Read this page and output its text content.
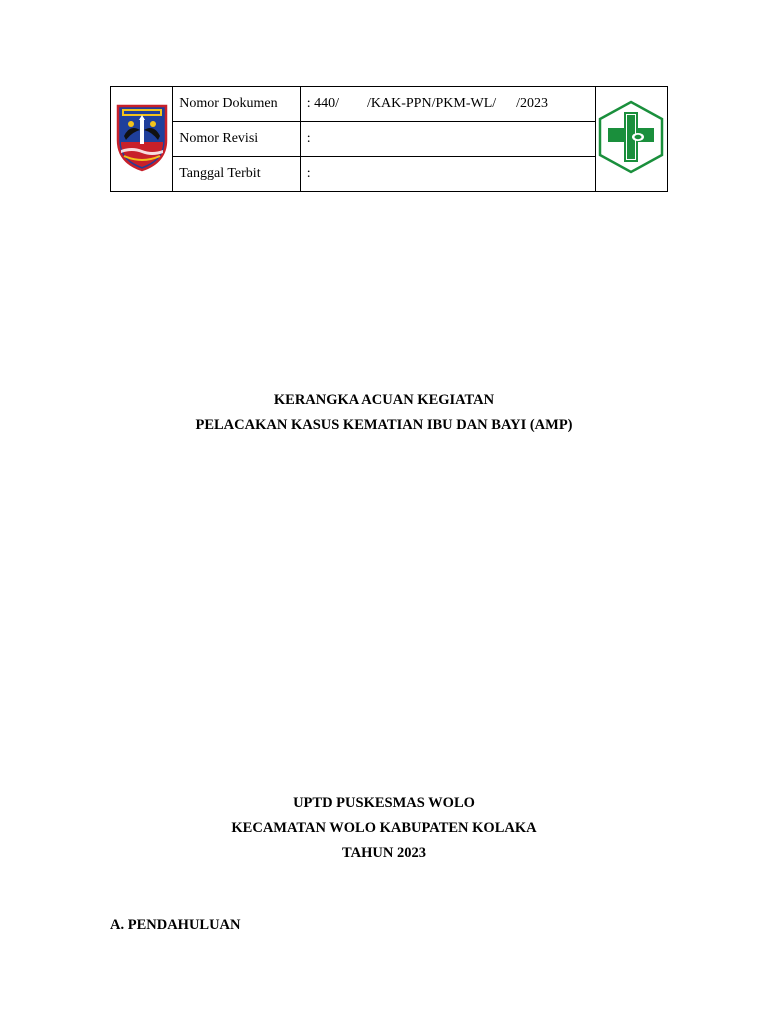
	Nomor Dokumen	: 440/ /KAK-PPN/PKM-WL/ /2023	
	Nomor Revisi	:	
	Tanggal Terbit	:	
KERANGKA ACUAN KEGIATAN
PELACAKAN KASUS KEMATIAN IBU DAN BAYI (AMP)
UPTD PUSKESMAS WOLO
KECAMATAN WOLO KABUPATEN KOLAKA
TAHUN 2023
A. PENDAHULUAN
